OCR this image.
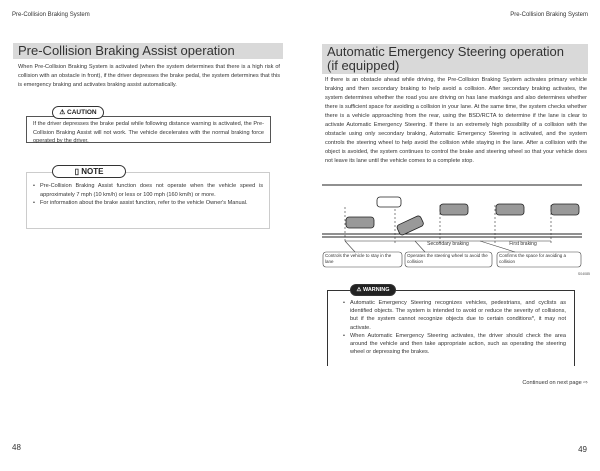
Pre-Collision Braking System	Pre-Collision Braking System
Pre-Collision Braking Assist operation
When Pre-Collision Braking System is activated (when the system determines that there is a high risk of collision with an obstacle in front), if the driver depresses the brake pedal, the system determines that this is emergency braking and activates braking assist automatically.
If the driver depresses the brake pedal while following distance warning is activated, the Pre-Collision Braking Assist will not work. The vehicle decelerates with the normal braking force operated by the driver.
⚠ CAUTION
• Pre-Collision Braking Assist function does not operate when the vehicle speed is approximately 7 mph (10 km/h) or less or 100 mph (160 km/h) or more.
• For information about the brake assist function, refer to the vehicle Owner's Manual.
▯ NOTE
48
Automatic Emergency Steering operation
(if equipped)
If there is an obstacle ahead while driving, the Pre-Collision Braking System activates primary vehicle braking and then secondary braking to help avoid a collision. After secondary braking activates, the system determines whether the road you are driving on has lane markings and also determines whether there is sufficient space for avoiding a collision in your lane. At the same time, the system checks whether there is a vehicle approaching from the rear, using the BSD/RCTA to determine if the lane is clear to activate Automatic Emergency Steering. If there is an extremely high possibility of a collision with the obstacle using only secondary braking, Automatic Emergency Steering is activated, and the system controls the steering wheel to help avoid the collision while staying in the lane. After a collision with the object is avoided, the system continues to control the brake and steering wheel so that your vehicle does not leave its lane until the vehicle comes to a complete stop.
Secondary braking	First braking
S04085
Controls the vehicle to stay in the lane
Operates the steering wheel to avoid the collision
Confirms the space for avoiding a collision
• Automatic Emergency Steering recognizes vehicles, pedestrians, and cyclists as identified objects. The system is intended to avoid or reduce the severity of collisions, but if the system cannot recognize objects due to certain conditions*, it may not activate.
• When Automatic Emergency Steering activates, the driver should check the area around the vehicle and then take appropriate action, such as operating the steering wheel or depressing the brakes.
⚠ WARNING
Continued on next page ⇨
49
